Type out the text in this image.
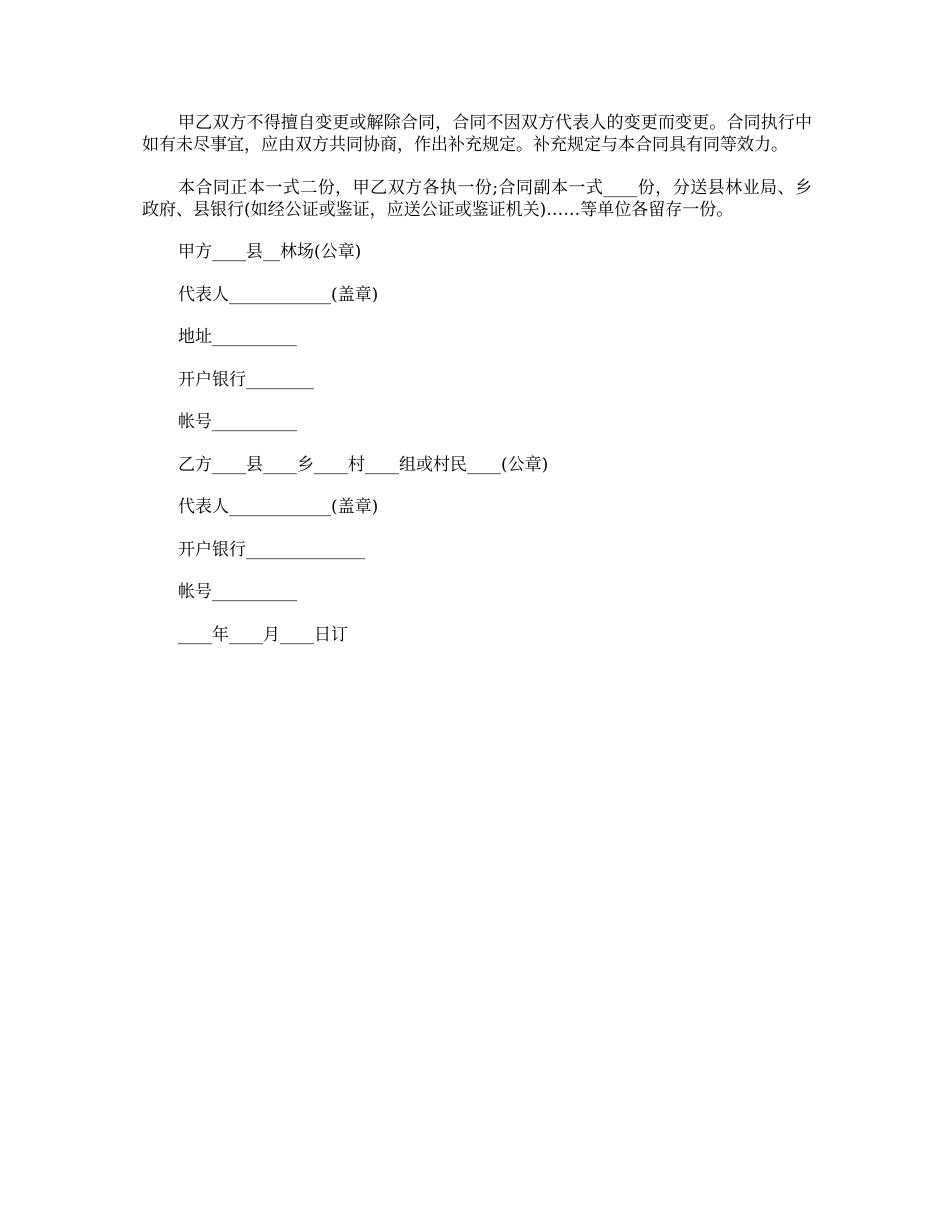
甲乙双方不得擅自变更或解除合同，合同不因双方代表人的变更而变更。合同执行中如有未尽事宜，应由双方共同协商，作出补充规定。补充规定与本合同具有同等效力。

本合同正本一式二份，甲乙双方各执一份;合同副本一式____份，分送县林业局、乡政府、县银行(如经公证或鉴证，应送公证或鉴证机关)……等单位各留存一份。

甲方____县__林场(公章)

代表人____________(盖章)

地址__________

开户银行________

帐号__________

乙方____县____乡____村____组或村民____(公章)

代表人____________(盖章)

开户银行______________

帐号__________

____年____月____日订
